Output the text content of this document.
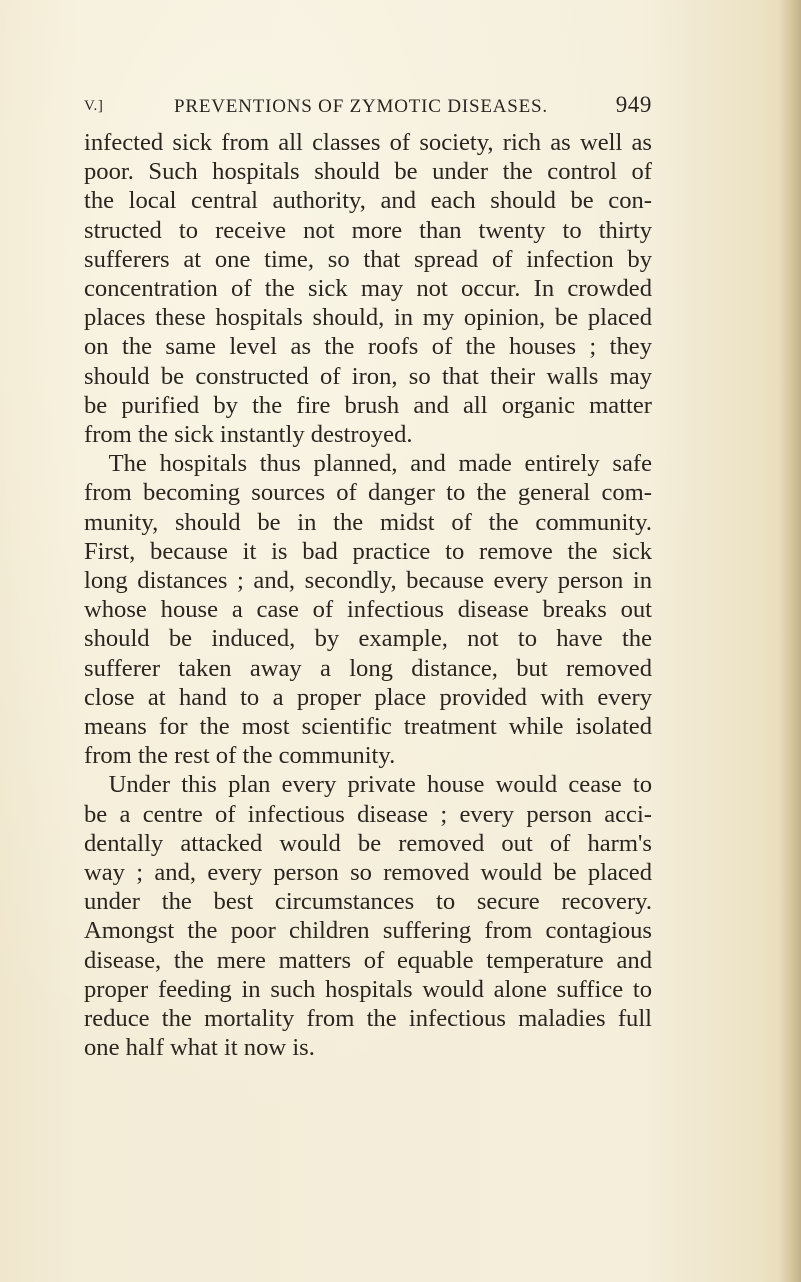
V.]	PREVENTIONS OF ZYMOTIC DISEASES.	949

infected sick from all classes of society, rich as well as

poor. Such hospitals should be under the control of

the local central authority, and each should be con-

structed to receive not more than twenty to thirty

sufferers at one time, so that spread of infection by

concentration of the sick may not occur. In crowded

places these hospitals should, in my opinion, be placed

on the same level as the roofs of the houses ; they

should be constructed of iron, so that their walls may

be purified by the fire brush and all organic matter

from the sick instantly destroyed.

The hospitals thus planned, and made entirely safe

from becoming sources of danger to the general com-

munity, should be in the midst of the community.

First, because it is bad practice to remove the sick

long distances ; and, secondly, because every person in

whose house a case of infectious disease breaks out

should be induced, by example, not to have the

sufferer taken away a long distance, but removed

close at hand to a proper place provided with every

means for the most scientific treatment while isolated

from the rest of the community.

Under this plan every private house would cease to

be a centre of infectious disease ; every person acci-

dentally attacked would be removed out of harm's

way ; and, every person so removed would be placed

under the best circumstances to secure recovery.

Amongst the poor children suffering from contagious

disease, the mere matters of equable temperature and

proper feeding in such hospitals would alone suffice to

reduce the mortality from the infectious maladies full

one half what it now is.
